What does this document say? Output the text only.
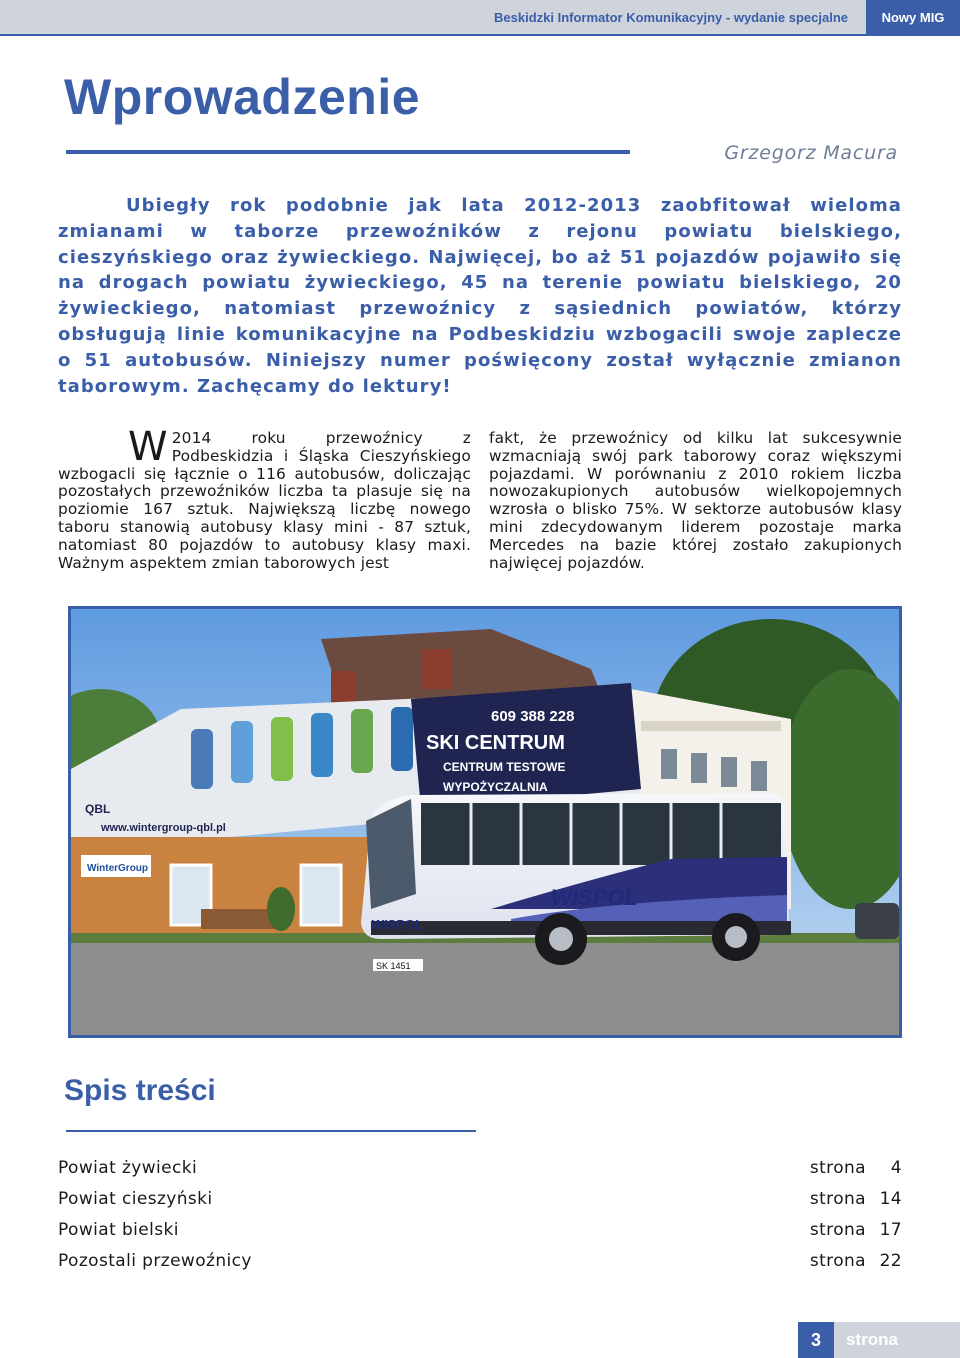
Beskidzki Informator Komunikacyjny - wydanie specjalne	Nowy MIG
Wprowadzenie
Grzegorz Macura

Ubiegły rok podobnie jak lata 2012-2013 zaobfitował wieloma zmianami w taborze przewoźników z rejonu powiatu bielskiego, cieszyńskiego oraz żywieckiego. Najwięcej, bo aż 51 pojazdów pojawiło się na drogach powiatu żywieckiego, 45 na terenie powiatu bielskiego, 20 żywieckiego, natomiast przewoźnicy z sąsiednich powiatów, którzy obsługują linie komunikacyjne na Podbeskidziu wzbogacili swoje zaplecze o 51 autobusów. Niniejszy numer poświęcony został wyłącznie zmianon taborowym. Zachęcamy do lektury!

W 2014 roku przewoźnicy z Podbeskidzia i Śląska Cieszyńskiego wzbogacli się łącznie o 116 autobusów, doliczając pozostałych przewoźników liczba ta plasuje się na poziomie 167 sztuk. Największą liczbę nowego taboru stanowią autobusy klasy mini - 87 sztuk, natomiast 80 pojazdów to autobusy klasy maxi. Ważnym aspektem zmian taborowych jest
fakt, że przewoźnicy od kilku lat sukcesywnie wzmacniają swój park taborowy coraz większymi pojazdami. W porównaniu z 2010 rokiem liczba nowozakupionych autobusów wielkopojemnych wzrosła o blisko 75%. W sektorze autobusów klasy mini zdecydowanym liderem pozostaje marka Mercedes na bazie której zostało zakupionych najwięcej pojazdów.
609 388 228
SKI CENTRUM
CENTRUM TESTOWE
WYPOŻYCZALNIA
www.wintergroup-qbl.pl
QBL
WinterGroup
WISPOL
WISPOL
SK 1451
Spis treści
Powiat żywiecki	strona	4
Powiat cieszyński	strona 14
Powiat bielski	strona 17
Pozostali przewoźnicy	strona 22
3	strona
